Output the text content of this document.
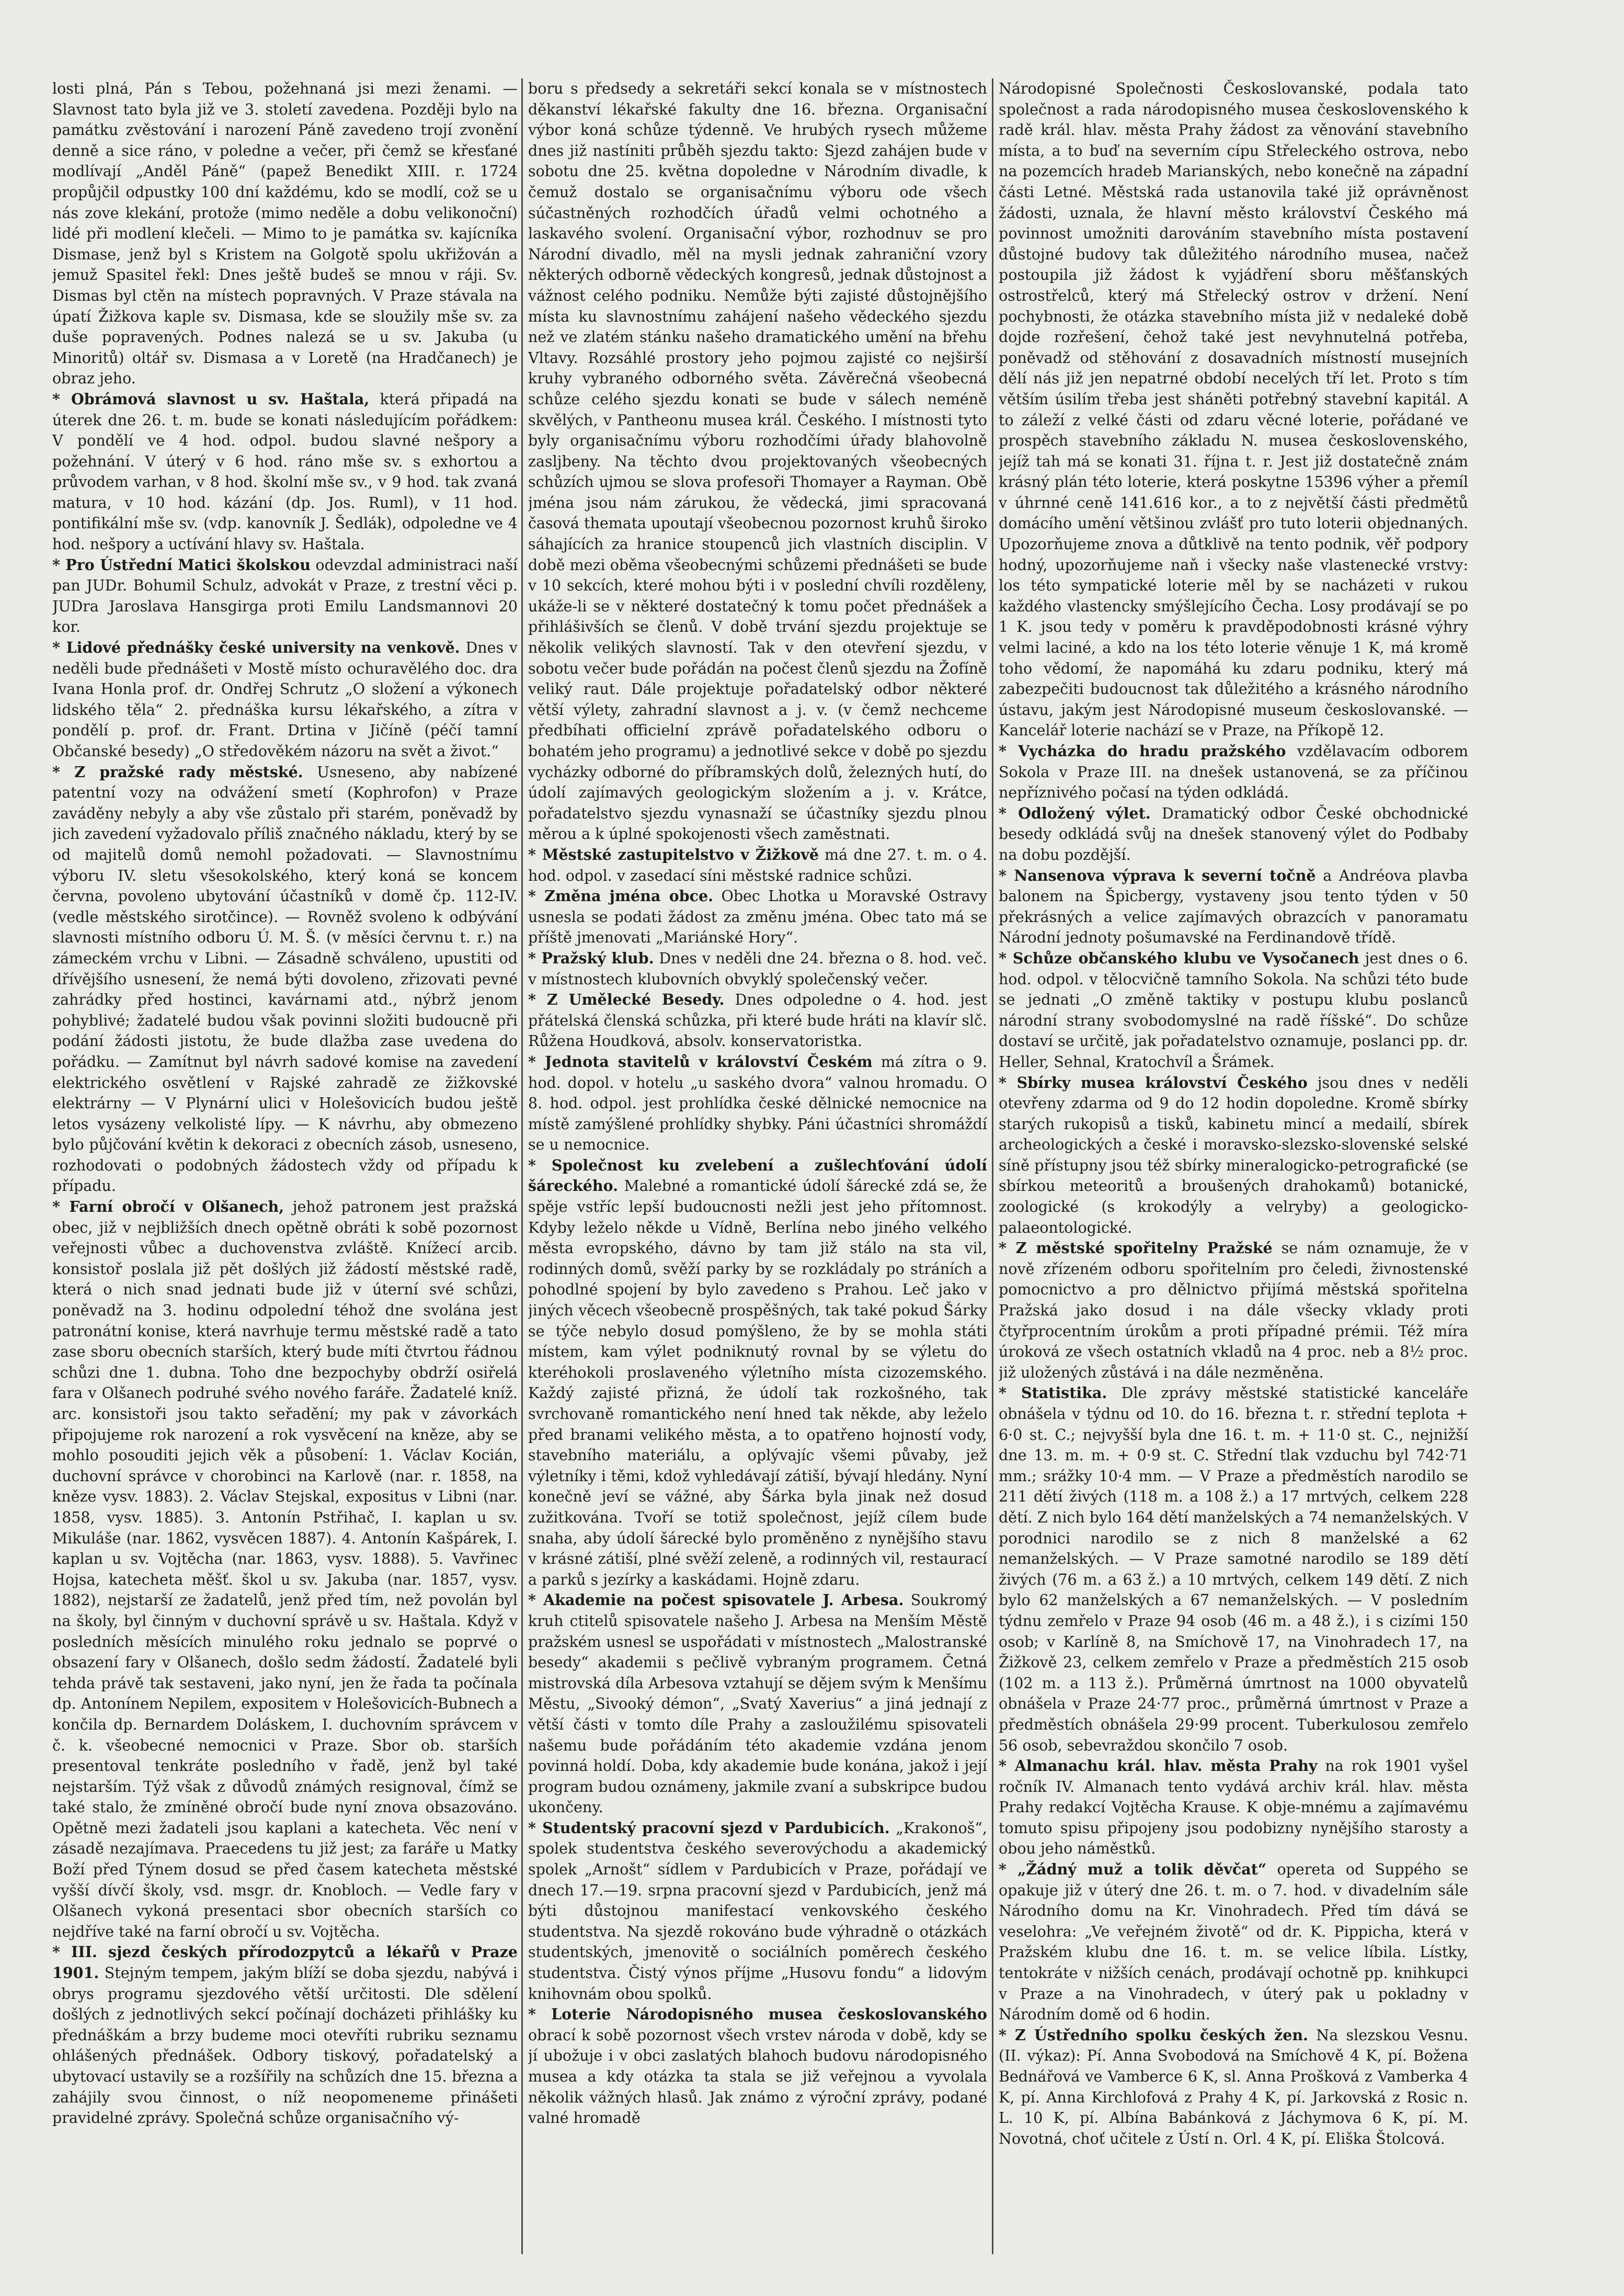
losti plná, Pán s Tebou, požehnaná jsi mezi ženami. — Slavnost tato byla již ve 3. století zavedena. Později bylo na památku zvěstování i narození Páně zavedeno trojí zvonění denně a sice ráno, v poledne a večer, při čemž se křesťané modlívají „Anděl Páně“ (papež Benedikt XIII. r. 1724 propůjčil odpustky 100 dní každému, kdo se modlí, což se u nás zove klekání, protože (mimo neděle a dobu velikonoční) lidé při modlení klečeli. — Mimo to je památka sv. kajícníka Dismase, jenž byl s Kristem na Golgotě spolu ukřižován a jemuž Spasitel řekl: Dnes ještě budeš se mnou v ráji. Sv. Dismas byl ctěn na místech popravných. V Praze stávala na úpatí Žižkova kaple sv. Dismasa, kde se sloužily mše sv. za duše popravených. Podnes nalezá se u sv. Jakuba (u Minoritů) oltář sv. Dismasa a v Loretě (na Hradčanech) je obraz jeho.

* Obrámová slavnost u sv. Haštala, která připadá na úterek dne 26. t. m. bude se konati následujícím pořádkem: V pondělí ve 4 hod. odpol. budou slavné nešpory a požehnání. V úterý v 6 hod. ráno mše sv. s exhortou a průvodem varhan, v 8 hod. školní mše sv., v 9 hod. tak zvaná matura, v 10 hod. kázání (dp. Jos. Ruml), v 11 hod. pontifikální mše sv. (vdp. kanovník J. Šedlák), odpoledne ve 4 hod. nešpory a uctívání hlavy sv. Haštala.

* Pro Ústřední Matici školskou odevzdal administraci naší pan JUDr. Bohumil Schulz, advokát v Praze, z trestní věci p. JUDra Jaroslava Hansgirga proti Emilu Landsmannovi 20 kor.

* Lidové přednášky české university na venkově. Dnes v neděli bude přednášeti v Mostě místo ochuravělého doc. dra Ivana Honla prof. dr. Ondřej Schrutz „O složení a výkonech lidského těla“ 2. přednáška kursu lékařského, a zítra v pondělí p. prof. dr. Frant. Drtina v Jičíně (péčí tamní Občanské besedy) „O středověkém názoru na svět a život.“

* Z pražské rady městské. Usneseno, aby nabízené patentní vozy na odvážení smetí (Kophrofon) v Praze zaváděny nebyly a aby vše zůstalo při starém, poněvadž by jich zavedení vyžadovalo příliš značného nákladu, který by se od majitelů domů nemohl požadovati. — Slavnostnímu výboru IV. sletu všesokolského, který koná se koncem června, povoleno ubytování účastníků v domě čp. 112-IV. (vedle městského sirotčince). — Rovněž svoleno k odbývání slavnosti místního odboru Ú. M. Š. (v měsíci červnu t. r.) na zámeckém vrchu v Libni. — Zásadně schváleno, upustiti od dřívějšího usnesení, že nemá býti dovoleno, zřizovati pevné zahrádky před hostinci, kavárnami atd., nýbrž jenom pohyblivé; žadatelé budou však povinni složiti budoucně při podání žádosti jistotu, že bude dlažba zase uvedena do pořádku. — Zamítnut byl návrh sadové komise na zavedení elektrického osvětlení v Rajské zahradě ze žižkovské elektrárny — V Plynární ulici v Holešovicích budou ještě letos vysázeny velkolisté lípy. — K návrhu, aby obmezeno bylo půjčování květin k dekoraci z obecních zásob, usneseno, rozhodovati o podobných žádostech vždy od případu k případu.

* Farní obročí v Olšanech, jehož patronem jest pražská obec, již v nejbližších dnech opětně obráti k sobě pozornost veřejnosti vůbec a duchovenstva zvláště. Knížecí arcib. konsistoř poslala již pět došlých již žádostí městské radě, která o nich snad jednati bude již v úterní své schůzi, poněvadž na 3. hodinu odpolední téhož dne svolána jest patronátní konise, která navrhuje termu městské radě a tato zase sboru obecních starších, který bude míti čtvrtou řádnou schůzi dne 1. dubna. Toho dne bezpochyby obdrží osiřelá fara v Olšanech podruhé svého nového faráře. Žadatelé kníž. arc. konsistoři jsou takto seřadění; my pak v závorkách připojujeme rok narození a rok vysvěcení na kněze, aby se mohlo posouditi jejich věk a působení: 1. Václav Kocián, duchovní správce v chorobinci na Karlově (nar. r. 1858, na kněze vysv. 1883). 2. Václav Stejskal, expositus v Libni (nar. 1858, vysv. 1885). 3. Antonín Pstřihač, I. kaplan u sv. Mikuláše (nar. 1862, vysvěcen 1887). 4. Antonín Kašpárek, I. kaplan u sv. Vojtěcha (nar. 1863, vysv. 1888). 5. Vavřinec Hojsa, katecheta měšť. škol u sv. Jakuba (nar. 1857, vysv. 1882), nejstarší ze žadatelů, jenž před tím, než povolán byl na školy, byl činným v duchovní správě u sv. Haštala. Když v posledních měsících minulého roku jednalo se poprvé o obsazení fary v Olšanech, došlo sedm žádostí. Žadatelé byli tehda právě tak sestaveni, jako nyní, jen že řada ta počínala dp. Antonínem Nepilem, expositem v Holešovicích-Bubnech a končila dp. Bernardem Doláskem, I. duchovním správcem v č. k. všeobecné nemocnici v Praze. Sbor ob. starších presentoval tenkráte posledního v řadě, jenž byl také nejstarším. Týž však z důvodů známých resignoval, čímž se také stalo, že zmíněné obročí bude nyní znova obsazováno. Opětně mezi žadateli jsou kaplani a katecheta. Věc není v zásadě nezajímava. Praecedens tu již jest; za faráře u Matky Boží před Týnem dosud se před časem katecheta městské vyšší dívčí školy, vsd. msgr. dr. Knobloch. — Vedle fary v Olšanech vykoná presentaci sbor obecních starších co nejdříve také na farní obročí u sv. Vojtěcha.

* III. sjezd českých přírodozpytců a lékařů v Praze 1901. Stejným tempem, jakým blíží se doba sjezdu, nabývá i obrys programu sjezdového větší určitosti. Dle sdělení došlých z jednotlivých sekcí počínají docházeti přihlášky ku přednáškám a brzy budeme moci otevříti rubriku seznamu ohlášených přednášek. Odbory tiskový, pořadatelský a ubytovací ustavily se a rozšířily na schůzích dne 15. března a zahájily svou činnost, o níž neopomeneme přinášeti pravidelné zprávy. Společná schůze organisačního vý-

boru s předsedy a sekretáři sekcí konala se v místnostech děkanství lékařské fakulty dne 16. března. Organisační výbor koná schůze týdenně. Ve hrubých rysech můžeme dnes již nastíniti průběh sjezdu takto: Sjezd zahájen bude v sobotu dne 25. května dopoledne v Národním divadle, k čemuž dostalo se organisačnímu výboru ode všech súčastněných rozhodčích úřadů velmi ochotného a laskavého svolení. Organisační výbor, rozhodnuv se pro Národní divadlo, měl na mysli jednak zahraniční vzory některých odborně vědeckých kongresů, jednak důstojnost a vážnost celého podniku. Nemůže býti zajisté důstojnějšího místa ku slavnostnímu zahájení našeho vědeckého sjezdu než ve zlatém stánku našeho dramatického umění na břehu Vltavy. Rozsáhlé prostory jeho pojmou zajisté co nejširší kruhy vybraného odborného světa. Závěrečná všeobecná schůze celého sjezdu konati se bude v sálech neméně skvělých, v Pantheonu musea král. Českého. I místnosti tyto byly organisačnímu výboru rozhodčími úřady blahovolně zasljbeny. Na těchto dvou projektovaných všeobecných schůzích ujmou se slova profesoři Thomayer a Rayman. Obě jména jsou nám zárukou, že vědecká, jimi spracovaná časová themata upoutají všeobecnou pozornost kruhů široko sáhajících za hranice stoupenců jich vlastních disciplin. V době mezi oběma všeobecnými schůzemi přednášeti se bude v 10 sekcích, které mohou býti i v poslední chvíli rozděleny, ukáže-li se v některé dostatečný k tomu počet přednášek a přihlášivších se členů. V době trvání sjezdu projektuje se několik velikých slavností. Tak v den otevření sjezdu, v sobotu večer bude pořádán na počest členů sjezdu na Žofíně veliký raut. Dále projektuje pořadatelský odbor některé větší výlety, zahradní slavnost a j. v. (v čemž nechceme předbíhati officielní zprávě pořadatelského odboru o bohatém jeho programu) a jednotlivé sekce v době po sjezdu vycházky odborné do příbramských dolů, železných hutí, do údolí zajímavých geologickým složením a j. v. Krátce, pořadatelstvo sjezdu vynasnaží se účastníky sjezdu plnou měrou a k úplné spokojenosti všech zaměstnati.

* Městské zastupitelstvo v Žižkově má dne 27. t. m. o 4. hod. odpol. v zasedací síni městské radnice schůzi.

* Změna jména obce. Obec Lhotka u Moravské Ostravy usnesla se podati žádost za změnu jména. Obec tato má se příště jmenovati „Mariánské Hory“.

* Pražský klub. Dnes v neděli dne 24. března o 8. hod. več. v místnostech klubovních obvyklý společenský večer.

* Z Umělecké Besedy. Dnes odpoledne o 4. hod. jest přátelská členská schůzka, při které bude hráti na klavír slč. Růžena Houdková, absolv. konservatoristka.

* Jednota stavitelů v království Českém má zítra o 9. hod. dopol. v hotelu „u saského dvora“ valnou hromadu. O 8. hod. odpol. jest prohlídka české dělnické nemocnice na místě zamýšlené prohlídky shybky. Páni účastníci shromáždí se u nemocnice.

* Společnost ku zvelebení a zušlechťování údolí šáreckého. Malebné a romantické údolí šárecké zdá se, že spěje vstříc lepší budoucnosti nežli jest jeho přítomnost. Kdyby leželo někde u Vídně, Berlína nebo jiného velkého města evropského, dávno by tam již stálo na sta vil, rodinných domů, svěží parky by se rozkládaly po stráních a pohodlné spojení by bylo zavedeno s Prahou. Leč jako v jiných věcech všeobecně prospěšných, tak také pokud Šárky se týče nebylo dosud pomýšleno, že by se mohla státi místem, kam výlet podniknutý rovnal by se výletu do kteréhokoli proslaveného výletního místa cizozemského. Každý zajisté přizná, že údolí tak rozkošného, tak svrchovaně romantického není hned tak někde, aby leželo před branami velikého města, a to opatřeno hojností vody, stavebního materiálu, a oplývajíc všemi půvaby, jež výletníky i těmi, kdož vyhledávají zátiší, bývají hledány. Nyní konečně jeví se vážné, aby Šárka byla jinak než dosud zužitkována. Tvoří se totiž společnost, jejíž cílem bude snaha, aby údolí šárecké bylo proměněno z nynějšího stavu v krásné zátiší, plné svěží zeleně, a rodinných vil, restaurací a parků s jezírky a kaskádami. Hojně zdaru.

* Akademie na počest spisovatele J. Arbesa. Soukromý kruh ctitelů spisovatele našeho J. Arbesa na Menším Městě pražském usnesl se uspořádati v místnostech „Malostranské besedy“ akademii s pečlivě vybraným programem. Četná mistrovská díla Arbesova vztahují se dějem svým k Menšímu Městu, „Sivooký démon“, „Svatý Xaverius“ a jiná jednají z větší části v tomto díle Prahy a zasloužilému spisovateli našemu bude pořádáním této akademie vzdána jenom povinná holdí. Doba, kdy akademie bude konána, jakož i její program budou oznámeny, jakmile zvaní a subskripce budou ukončeny.

* Studentský pracovní sjezd v Pardubicích. „Krakonoš“, spolek studentstva českého severovýchodu a akademický spolek „Arnošt“ sídlem v Pardubicích v Praze, pořádají ve dnech 17.—19. srpna pracovní sjezd v Pardubicích, jenž má býti důstojnou manifestací venkovského českého studentstva. Na sjezdě rokováno bude výhradně o otázkách studentských, jmenovitě o sociálních poměrech českého studentstva. Čistý výnos příjme „Husovu fondu“ a lidovým knihovnám obou spolků.

* Loterie Národopisného musea českoslovanského obrací k sobě pozornost všech vrstev národa v době, kdy se jí ubožuje i v obci zaslatých blahoch budovu národopisného musea a kdy otázka ta stala se již veřejnou a vyvolala několik vážných hlasů. Jak známo z výroční zprávy, podané valné hromadě

Národopisné Společnosti Českoslovanské, podala tato společnost a rada národopisného musea československého k radě král. hlav. města Prahy žádost za věnování stavebního místa, a to buď na severním cípu Střeleckého ostrova, nebo na pozemcích hradeb Marianských, nebo konečně na západní části Letné. Městská rada ustanovila také již oprávněnost žádosti, uznala, že hlavní město království Českého má povinnost umožniti darováním stavebního místa postavení důstojné budovy tak důležitého národního musea, načež postoupila již žádost k vyjádření sboru měšťanských ostrostřelců, který má Střelecký ostrov v držení. Není pochybnosti, že otázka stavebního místa již v nedaleké době dojde rozřešení, čehož také jest nevyhnutelná potřeba, poněvadž od stěhování z dosavadních místností musejních dělí nás již jen nepatrné období necelých tří let. Proto s tím větším úsilím třeba jest sháněti potřebný stavební kapitál. A to záleží z velké části od zdaru věcné loterie, pořádané ve prospěch stavebního základu N. musea československého, jejíž tah má se konati 31. října t. r. Jest již dostatečně znám krásný plán této loterie, která poskytne 15396 výher a přemíl v úhrnné ceně 141.616 kor., a to z největší části předmětů domácího umění většinou zvlášť pro tuto loterii objednaných. Upozorňujeme znova a důtklivě na tento podnik, věř podpory hodný, upozorňujeme naň i všecky naše vlastenecké vrstvy: los této sympatické loterie měl by se nacházeti v rukou každého vlastencky smýšlejícího Čecha. Losy prodávají se po 1 K. jsou tedy v poměru k pravděpodobnosti krásné výhry velmi laciné, a kdo na los této loterie věnuje 1 K, má kromě toho vědomí, že napomáhá ku zdaru podniku, který má zabezpečiti budoucnost tak důležitého a krásného národního ústavu, jakým jest Národopisné museum českoslovanské. — Kancelář loterie nachází se v Praze, na Příkopě 12.

* Vycházka do hradu pražského vzdělavacím odborem Sokola v Praze III. na dnešek ustanovená, se za příčinou nepříznivého počasí na týden odkládá.

* Odložený výlet. Dramatický odbor České obchodnické besedy odkládá svůj na dnešek stanovený výlet do Podbaby na dobu pozdější.

* Nansenova výprava k severní točně a Andréova plavba balonem na Špicbergy, vystaveny jsou tento týden v 50 překrásných a velice zajímavých obrazcích v panoramatu Národní jednoty pošumavské na Ferdinandově třídě.

* Schůze občanského klubu ve Vysočanech jest dnes o 6. hod. odpol. v tělocvičně tamního Sokola. Na schůzi této bude se jednati „O změně taktiky v postupu klubu poslanců národní strany svobodomyslné na radě říšské“. Do schůze dostaví se určitě, jak pořadatelstvo oznamuje, poslanci pp. dr. Heller, Sehnal, Kratochvíl a Šrámek.

* Sbírky musea království Českého jsou dnes v neděli otevřeny zdarma od 9 do 12 hodin dopoledne. Kromě sbírky starých rukopisů a tisků, kabinetu mincí a medailí, sbírek archeologických a české i moravsko-slezsko-slovenské selské síně přístupny jsou též sbírky mineralogicko-petrografické (se sbírkou meteoritů a broušených drahokamů) botanické, zoologické (s krokodýly a velryby) a geologicko-palaeontologické.

* Z městské spořitelny Pražské se nám oznamuje, že v nově zřízeném odboru spořitelním pro čeledi, živnostenské pomocnictvo a pro dělnictvo přijímá městská spořitelna Pražská jako dosud i na dále všecky vklady proti čtyřprocentním úrokům a proti případné prémii. Též míra úroková ze všech ostatních vkladů na 4 proc. neb a 8½ proc. již uložených zůstává i na dále nezměněna.

* Statistika. Dle zprávy městské statistické kanceláře obnášela v týdnu od 10. do 16. března t. r. střední teplota + 6·0 st. C.; nejvyšší byla dne 16. t. m. + 11·0 st. C., nejnižší dne 13. m. m. + 0·9 st. C. Střední tlak vzduchu byl 742·71 mm.; srážky 10·4 mm. — V Praze a předměstích narodilo se 211 dětí živých (118 m. a 108 ž.) a 17 mrtvých, celkem 228 dětí. Z nich bylo 164 dětí manželských a 74 nemanželských. V porodnici narodilo se z nich 8 manželské a 62 nemanželských. — V Praze samotné narodilo se 189 dětí živých (76 m. a 63 ž.) a 10 mrtvých, celkem 149 dětí. Z nich bylo 62 manželských a 67 nemanželských. — V posledním týdnu zemřelo v Praze 94 osob (46 m. a 48 ž.), i s cizími 150 osob; v Karlíně 8, na Smíchově 17, na Vinohradech 17, na Žižkově 23, celkem zemřelo v Praze a předměstích 215 osob (102 m. a 113 ž.). Průměrná úmrtnost na 1000 obyvatelů obnášela v Praze 24·77 proc., průměrná úmrtnost v Praze a předměstích obnášela 29·99 procent. Tuberkulosou zemřelo 56 osob, sebevraždou skončilo 7 osob.

* Almanachu král. hlav. města Prahy na rok 1901 vyšel ročník IV. Almanach tento vydává archiv král. hlav. města Prahy redakcí Vojtěcha Krause. K obje-mnému a zajímavému tomuto spisu připojeny jsou podobizny nynějšího starosty a obou jeho náměstků.

* „Žádný muž a tolik děvčat“ opereta od Suppého se opakuje již v úterý dne 26. t. m. o 7. hod. v divadelním sále Národního domu na Kr. Vinohradech. Před tím dává se veselohra: „Ve veřejném životě“ od dr. K. Pippicha, která v Pražském klubu dne 16. t. m. se velice líbila. Lístky, tentokráte v nižších cenách, prodávají ochotně pp. knihkupci v Praze a na Vinohradech, v úterý pak u pokladny v Národním domě od 6 hodin.

* Z Ústředního spolku českých žen. Na slezskou Vesnu. (II. výkaz): Pí. Anna Svobodová na Smíchově 4 K, pí. Božena Bednářová ve Vamberce 6 K, sl. Anna Prošková z Vamberka 4 K, pí. Anna Kirchlofová z Prahy 4 K, pí. Jarkovská z Rosic n. L. 10 K, pí. Albína Babánková z Jáchymova 6 K, pí. M. Novotná, choť učitele z Ústí n. Orl. 4 K, pí. Eliška Štolcová.
